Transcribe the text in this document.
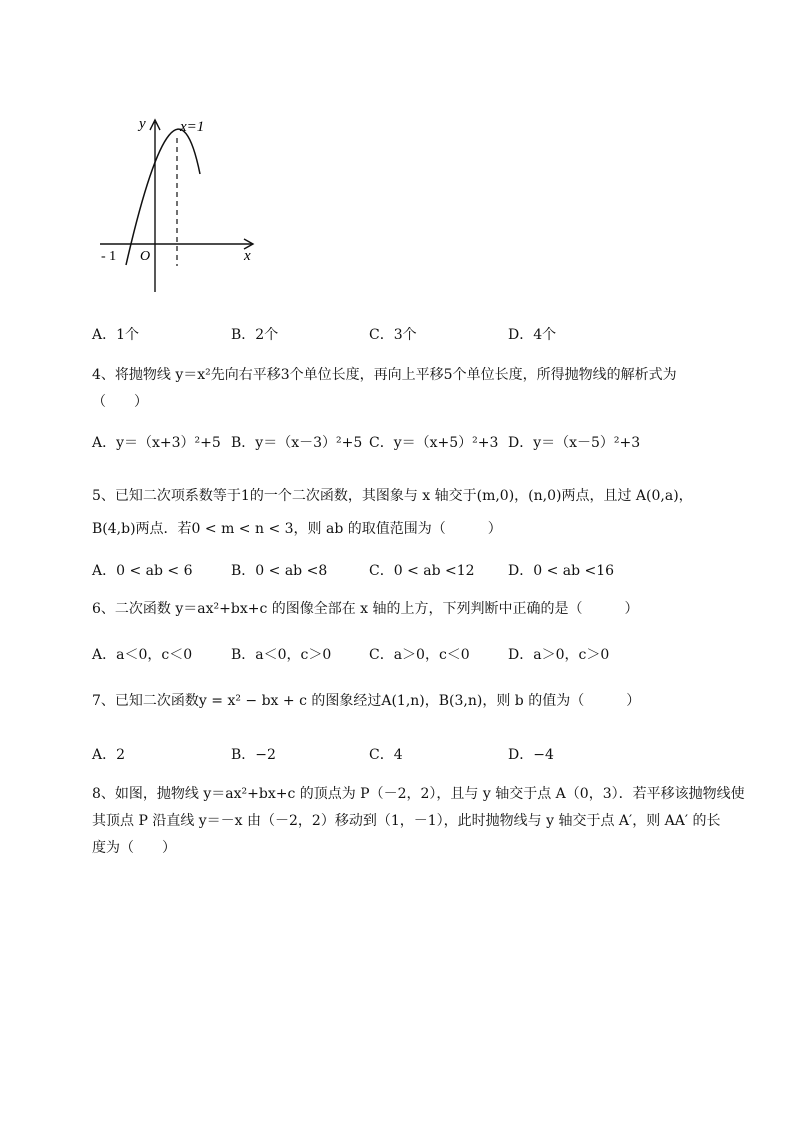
y
x
x=1
O
- 1
A．1个	B．2个	C．3个	D．4个
4、将抛物线 y＝x²先向右平移3个单位长度，再向上平移5个单位长度，所得抛物线的解析式为
（　　）
A．y＝（x+3）²+5 B．y＝（x－3）²+5 C．y＝（x+5）²+3 D．y＝（x－5）²+3
5、已知二次项系数等于1的一个二次函数，其图象与 x 轴交于(m,0)，(n,0)两点，且过 A(0,a)，
B(4,b)两点．若0 < m < n < 3，则 ab 的取值范围为（　　　）
A．0 < ab < 6	B．0 < ab <8	C．0 < ab <12 D．0 < ab <16
6、二次函数 y＝ax²+bx+c 的图像全部在 x 轴的上方，下列判断中正确的是（　　　）
A．a＜0，c＜0	B．a＜0，c＞0	C．a＞0，c＜0	D．a＞0，c＞0
7、已知二次函数y = x² − bx + c 的图象经过A(1,n)，B(3,n)，则 b 的值为（　　　）
A．2	B．−2	C．4	D．−4
8、如图，抛物线 y＝ax²+bx+c 的顶点为 P（－2，2），且与 y 轴交于点 A（0，3）．若平移该抛物线使
其顶点 P 沿直线 y＝－x 由（－2，2）移动到（1，－1），此时抛物线与 y 轴交于点 A′，则 AA′ 的长
度为（　　）
